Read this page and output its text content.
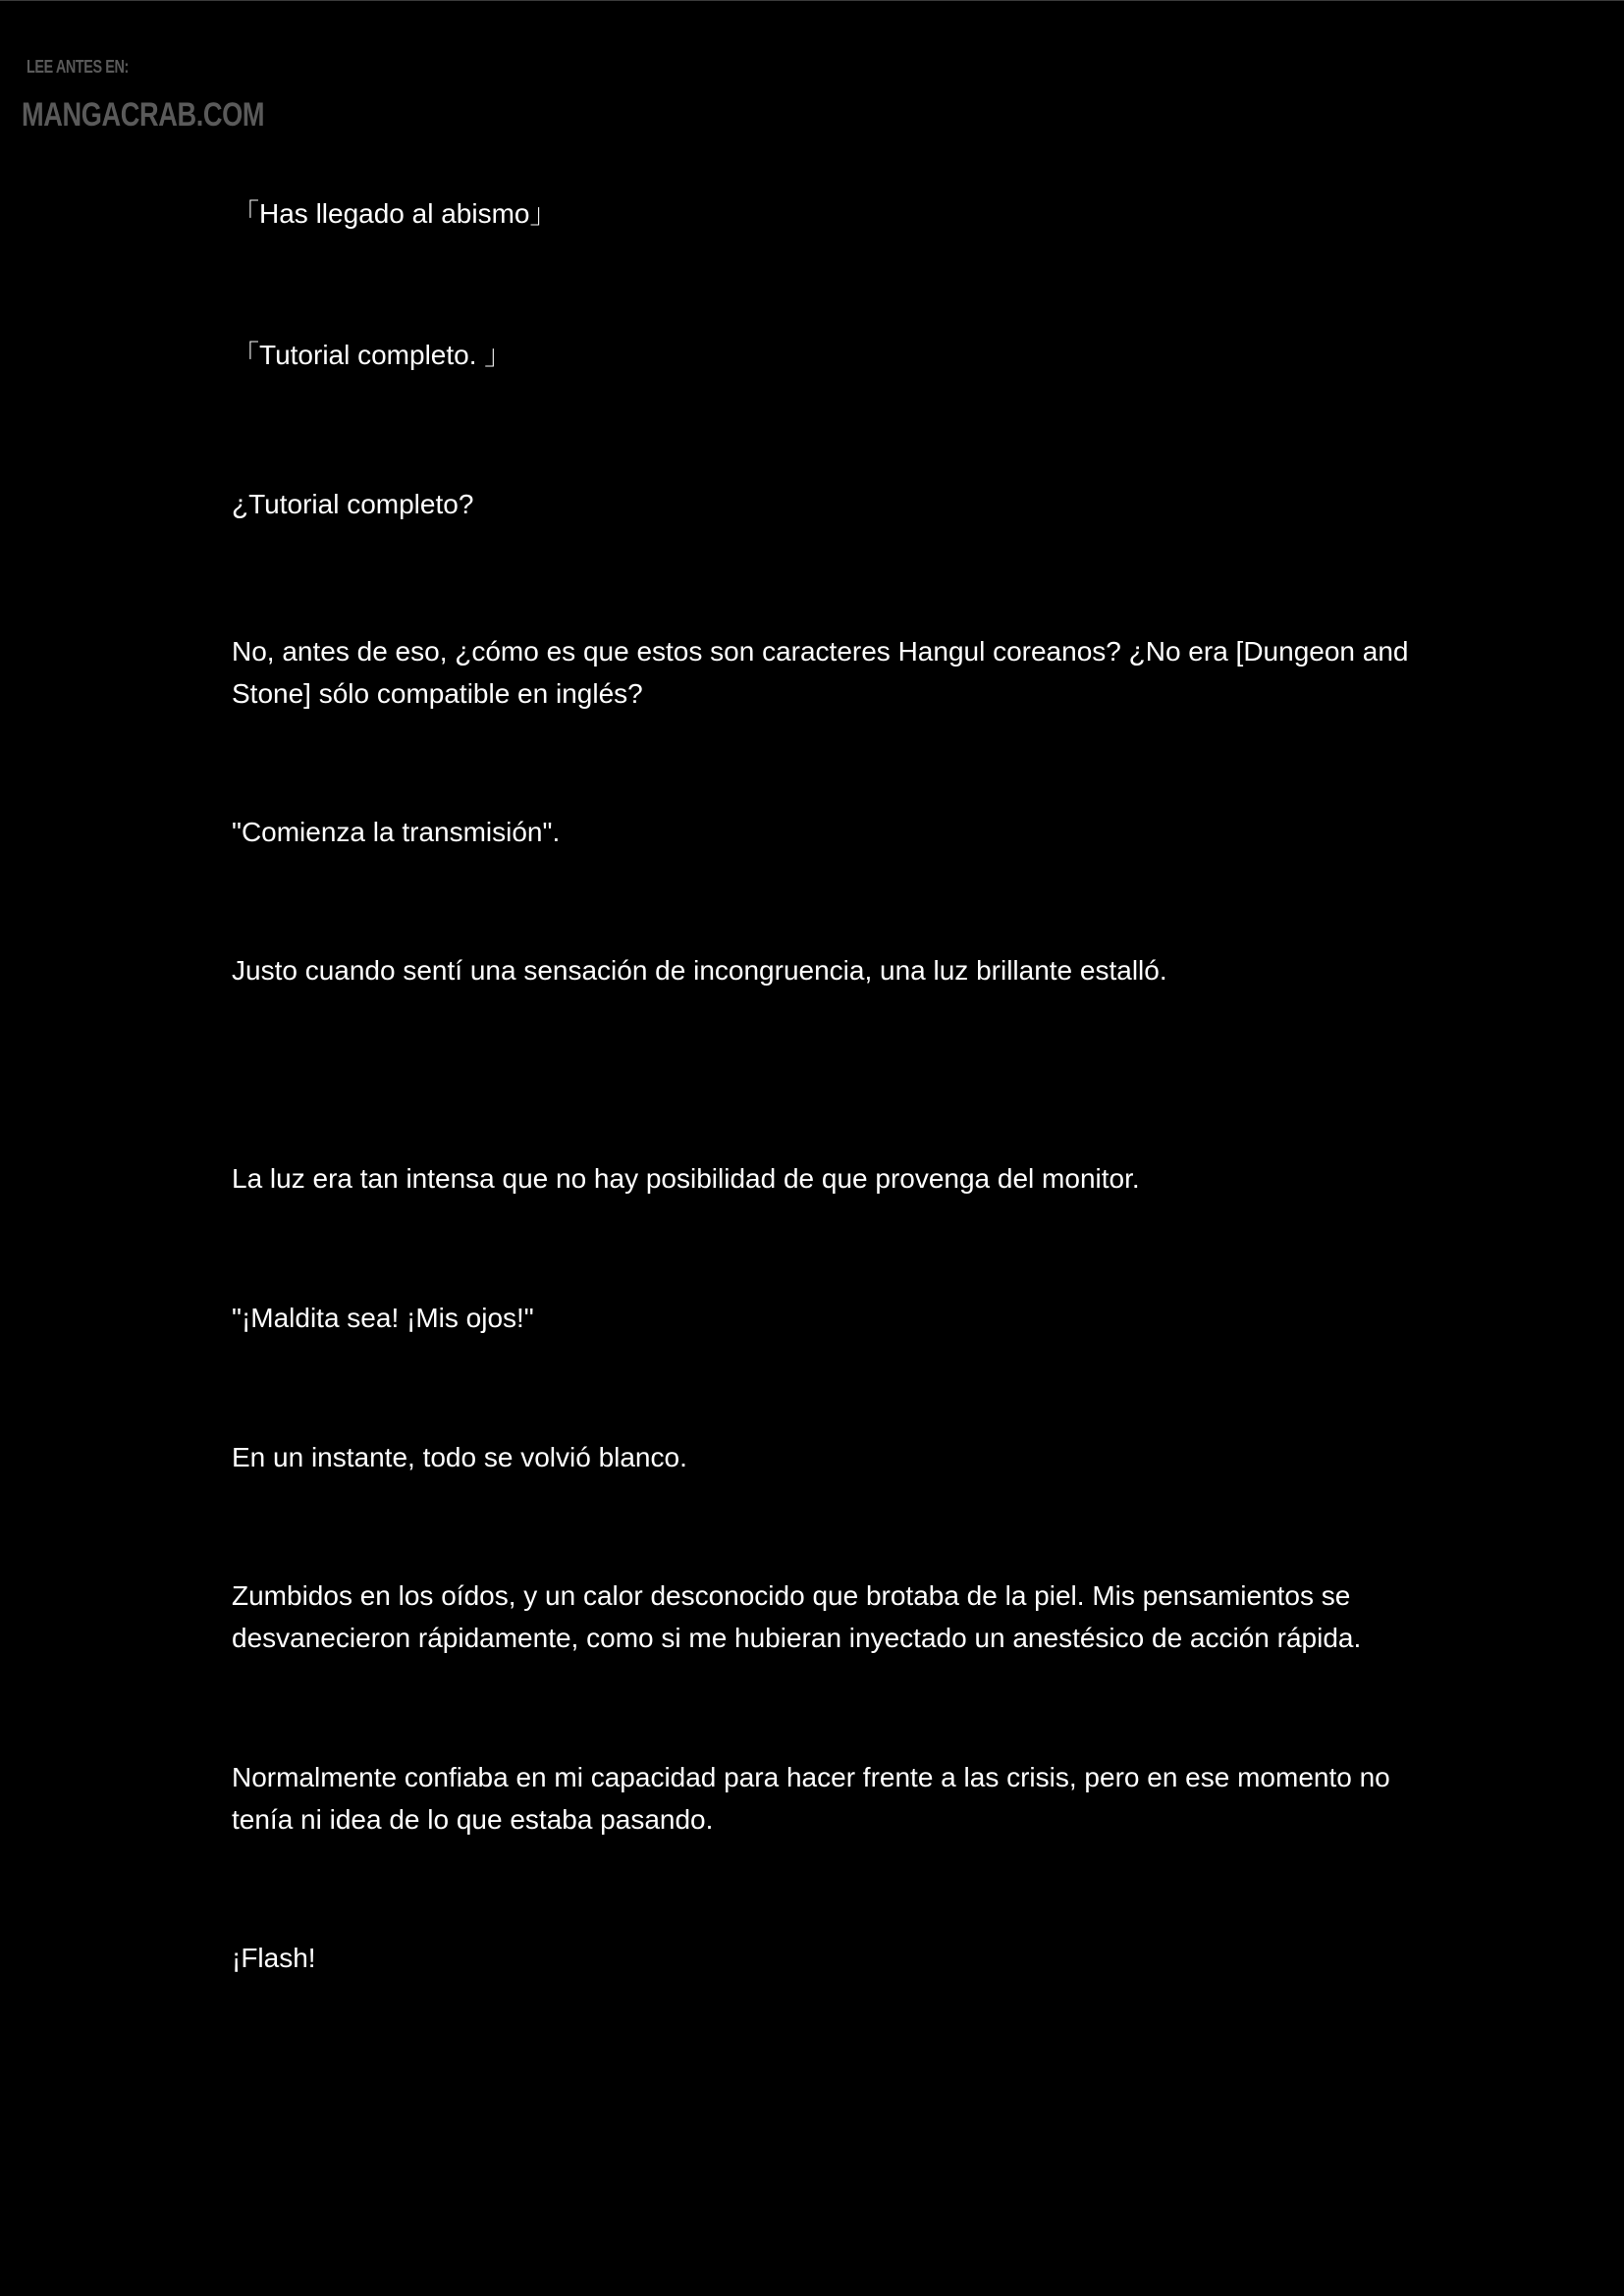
LEE ANTES EN:
MANGACRAB.COM

「Has llegado al abismo」

「Tutorial completo. 」

¿Tutorial completo?

No, antes de eso, ¿cómo es que estos son caracteres Hangul coreanos? ¿No era [Dungeon and Stone] sólo compatible en inglés?

"Comienza la transmisión".

Justo cuando sentí una sensación de incongruencia, una luz brillante estalló.

La luz era tan intensa que no hay posibilidad de que provenga del monitor.

"¡Maldita sea! ¡Mis ojos!"

En un instante, todo se volvió blanco.

Zumbidos en los oídos, y un calor desconocido que brotaba de la piel. Mis pensamientos se desvanecieron rápidamente, como si me hubieran inyectado un anestésico de acción rápida.

Normalmente confiaba en mi capacidad para hacer frente a las crisis, pero en ese momento no tenía ni idea de lo que estaba pasando.

¡Flash!
